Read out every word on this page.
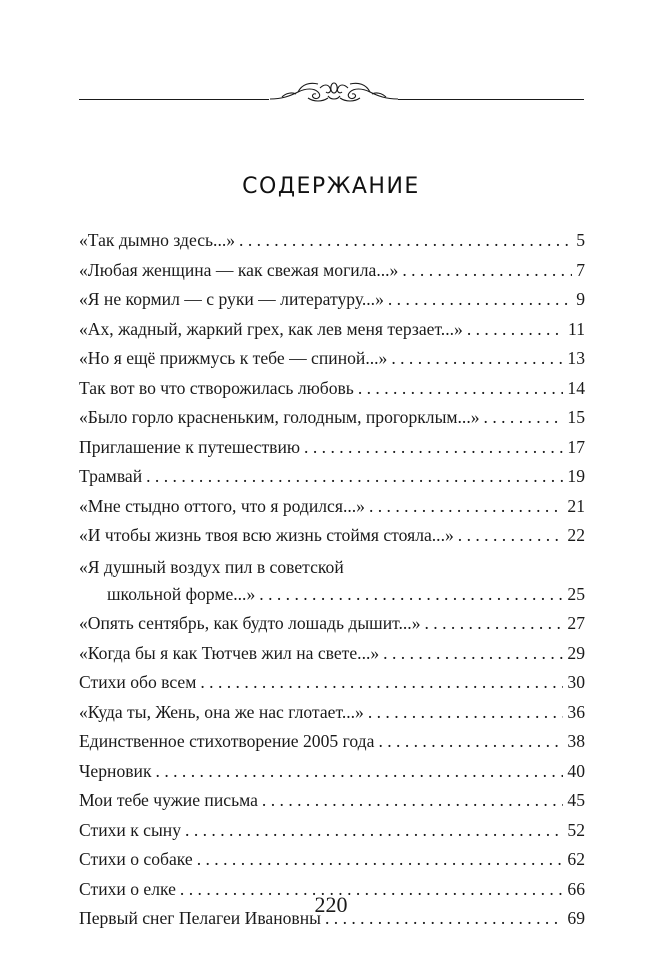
СОДЕРЖАНИЕ
«Так дымно здесь...» . . .	5
«Любая женщина — как свежая могила...» . . .	7
«Я не кормил — с руки — литературу...» . . .	9
«Ах, жадный, жаркий грех, как лев меня терзает...» . . .	11
«Но я ещё прижмусь к тебе — спиной...» . . .	13
Так вот во что створожилась любовь . . .	14
«Было горло красненьким, голодным, прогорклым...» . . .	15
Приглашение к путешествию . . .	17
Трамвай . . .	19
«Мне стыдно оттого, что я родился...» . . .	21
«И чтобы жизнь твоя всю жизнь стоймя стояла...» . . .	22
«Я душный воздух пил в советской
школьной форме...» . . .	25
«Опять сентябрь, как будто лошадь дышит...» . . .	27
«Когда бы я как Тютчев жил на свете...» . . .	29
Стихи обо всем . . .	30
«Куда ты, Жень, она же нас глотает...» . . .	36
Единственное стихотворение 2005 года . . .	38
Черновик . . .	40
Мои тебе чужие письма . . .	45
Стихи к сыну . . .	52
Стихи о собаке . . .	62
Стихи о елке . . .	66
Первый снег Пелагеи Ивановны . . .	69
220
